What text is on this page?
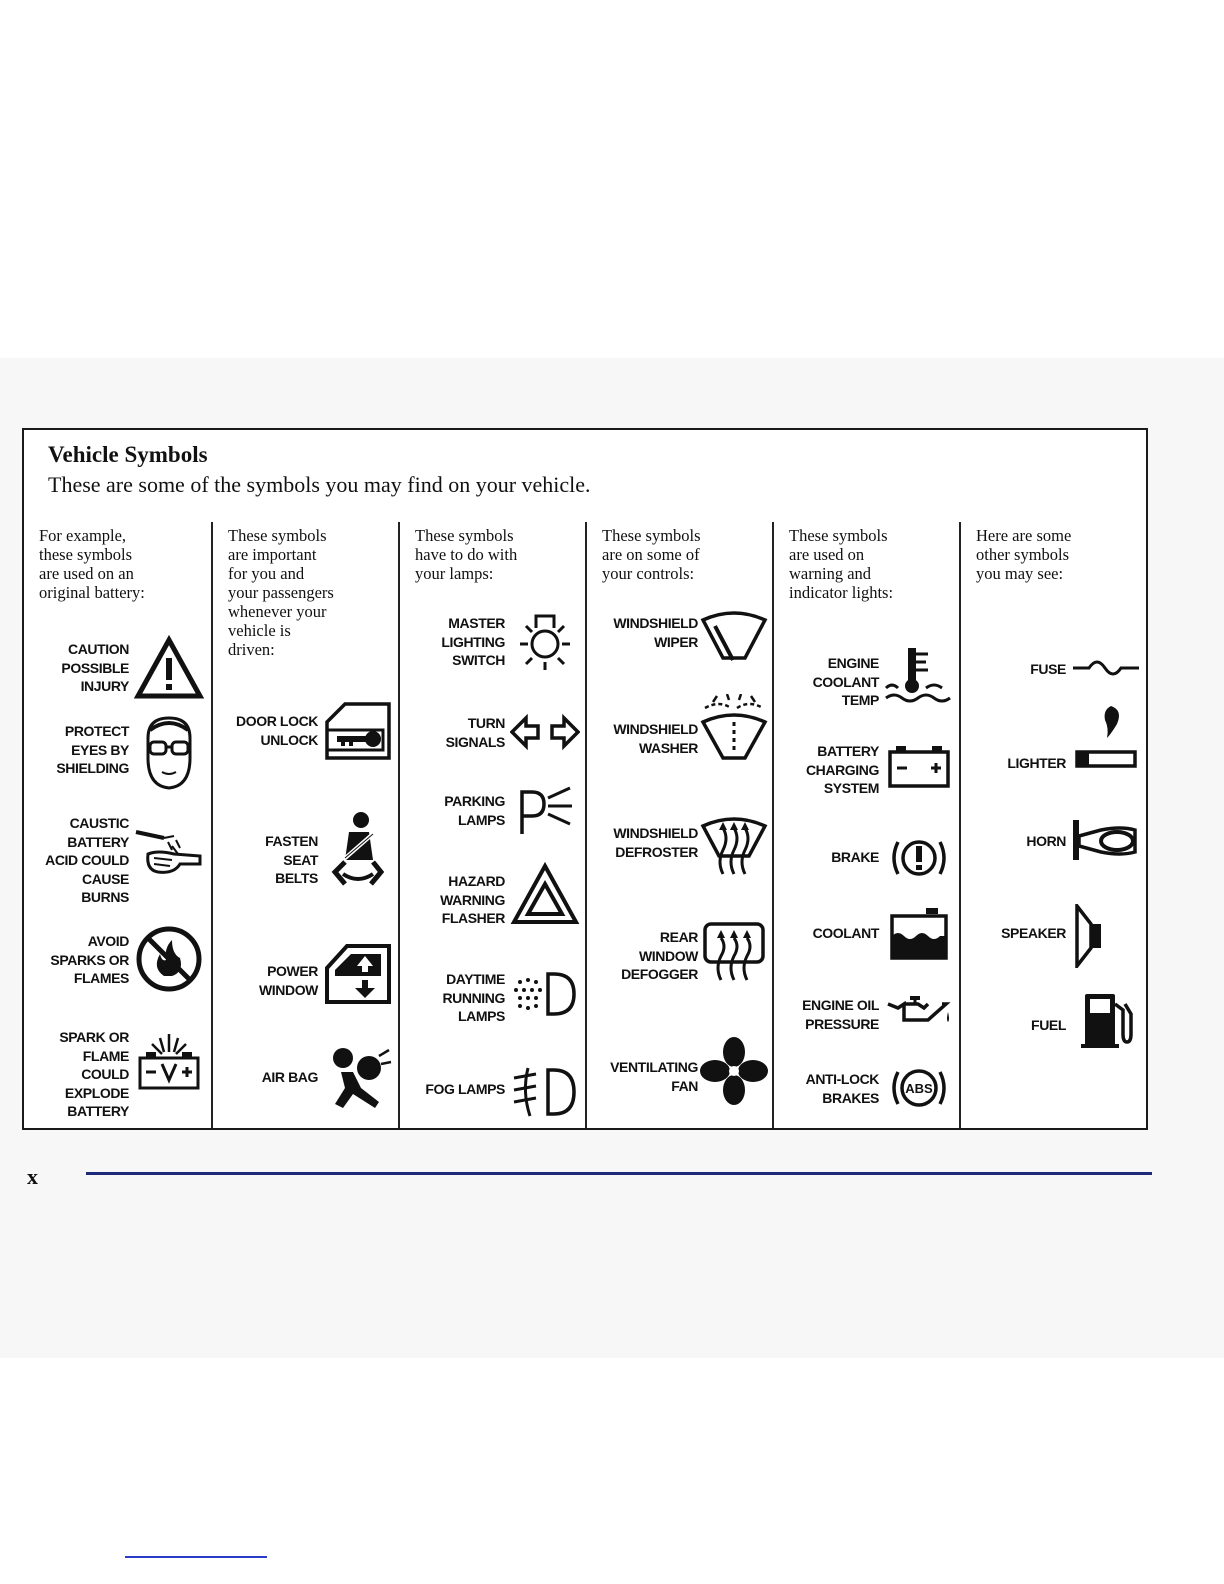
Vehicle Symbols
These are some of the symbols you may find on your vehicle.
For example,
these symbols
are used on an
original battery:
CAUTION
POSSIBLE
INJURY
PROTECT
EYES BY
SHIELDING
CAUSTIC
BATTERY
ACID COULD
CAUSE
BURNS
AVOID
SPARKS OR
FLAMES
SPARK OR
FLAME
COULD
EXPLODE
BATTERY
These symbols
are important
for you and
your passengers
whenever your
vehicle is
driven:
DOOR LOCK
UNLOCK
FASTEN
SEAT
BELTS
POWER
WINDOW
AIR BAG
These symbols
have to do with
your lamps:
MASTER
LIGHTING
SWITCH
TURN
SIGNALS
PARKING
LAMPS
HAZARD
WARNING
FLASHER
DAYTIME
RUNNING
LAMPS
FOG LAMPS
These symbols
are on some of
your controls:
WINDSHIELD
WIPER
WINDSHIELD
WASHER
WINDSHIELD
DEFROSTER
REAR
WINDOW
DEFOGGER
VENTILATING
FAN
These symbols
are used on
warning and
indicator lights:
ENGINE
COOLANT
TEMP
BATTERY
CHARGING
SYSTEM
BRAKE
COOLANT
ENGINE OIL
PRESSURE
ANTI-LOCK
BRAKES
ABS
Here are some
other symbols
you may see:
FUSE
LIGHTER
HORN
SPEAKER
FUEL
x
